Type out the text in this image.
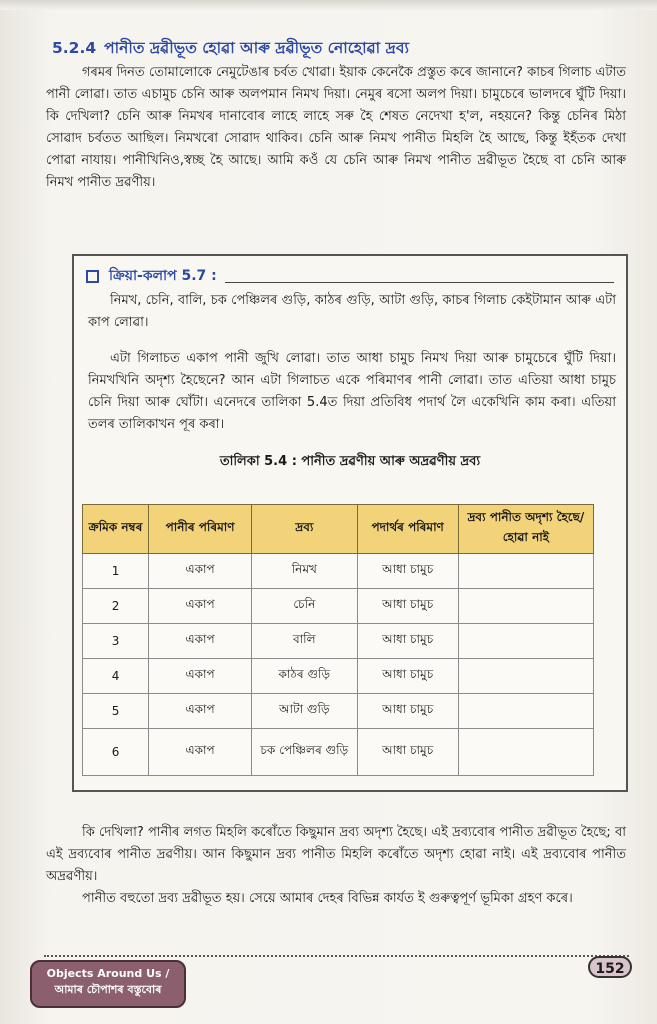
5.2.4 পানীত দ্ৰৱীভূত হোৱা আৰু দ্ৰৱীভূত নোহোৱা দ্ৰব্য
গৰমৰ দিনত তোমালোকে নেমুটেঙাৰ চৰ্বত খোৱা। ইয়াক কেনেকৈ প্ৰস্তুত কৰে জানানে? কাচৰ গিলাচ এটাত পানী লোৱা। তাত এচামুচ চেনি আৰু অলপমান নিমখ দিয়া। নেমুৰ ৰসো অলপ দিয়া। চামুচেৰে ভালদৰে ঘুঁটি দিয়া। কি দেখিলা? চেনি আৰু নিমখৰ দানাবোৰ লাহে লাহে সৰু হৈ শেষত নেদেখা হ'ল, নহয়নে? কিন্তু চেনিৰ মিঠা সোৱাদ চৰ্বতত আছিল। নিমখৰো সোৱাদ থাকিব। চেনি আৰু নিমখ পানীত মিহলি হৈ আছে, কিন্তু ইহঁতক দেখা পোৱা নাযায়। পানীখিনিও,স্বচ্ছ হৈ আছে। আমি কওঁ যে চেনি আৰু নিমখ পানীত দ্ৰৱীভূত হৈছে বা চেনি আৰু নিমখ পানীত দ্ৰৱণীয়।
ক্ৰিয়া-কলাপ 5.7 :
নিমখ, চেনি, বালি, চক পেঞ্চিলৰ গুড়ি, কাঠৰ গুড়ি, আটা গুড়ি, কাচৰ গিলাচ কেইটামান আৰু এটা কাপ লোৱা।
এটা গিলাচত একাপ পানী জুখি লোৱা। তাত আধা চামুচ নিমখ দিয়া আৰু চামুচেৰে ঘুঁটি দিয়া। নিমখখিনি অদৃশ্য হৈছেনে? আন এটা গিলাচত একে পৰিমাণৰ পানী লোৱা। তাত এতিয়া আধা চামুচ চেনি দিয়া আৰু ঘোঁটা। এনেদৰে তালিকা 5.4ত দিয়া প্ৰতিবিধ পদাৰ্থ লৈ একেখিনি কাম কৰা। এতিয়া তলৰ তালিকাখন পূৰ কৰা।
তালিকা 5.4 : পানীত দ্ৰৱণীয় আৰু অদ্ৰৱণীয় দ্ৰব্য
ক্ৰমিক নম্বৰ	পানীৰ পৰিমাণ	দ্ৰব্য	পদাৰ্থৰ পৰিমাণ	দ্ৰব্য পানীত অদৃশ্য হৈছে/হোৱা নাই
1	একাপ	নিমখ	আধা চামুচ	
2	একাপ	চেনি	আধা চামুচ	
3	একাপ	বালি	আধা চামুচ	
4	একাপ	কাঠৰ গুড়ি	আধা চামুচ	
5	একাপ	আটা গুড়ি	আধা চামুচ	
6	একাপ	চক পেঞ্চিলৰ গুড়ি	আধা চামুচ	
কি দেখিলা? পানীৰ লগত মিহলি কৰোঁতে কিছুমান দ্ৰব্য অদৃশ্য হৈছে। এই দ্ৰব্যবোৰ পানীত দ্ৰৱীভূত হৈছে; বা এই দ্ৰব্যবোৰ পানীত দ্ৰৱণীয়। আন কিছুমান দ্ৰব্য পানীত মিহলি কৰোঁতে অদৃশ্য হোৱা নাই। এই দ্ৰব্যবোৰ পানীত অদ্ৰৱণীয়।
পানীত বহুতো দ্ৰব্য দ্ৰৱীভূত হয়। সেয়ে আমাৰ দেহৰ বিভিন্ন কাৰ্যত ই গুৰুত্বপূৰ্ণ ভূমিকা গ্ৰহণ কৰে।
Objects Around Us /
আমাৰ চৌপাশৰ বস্তুবোৰ
152
